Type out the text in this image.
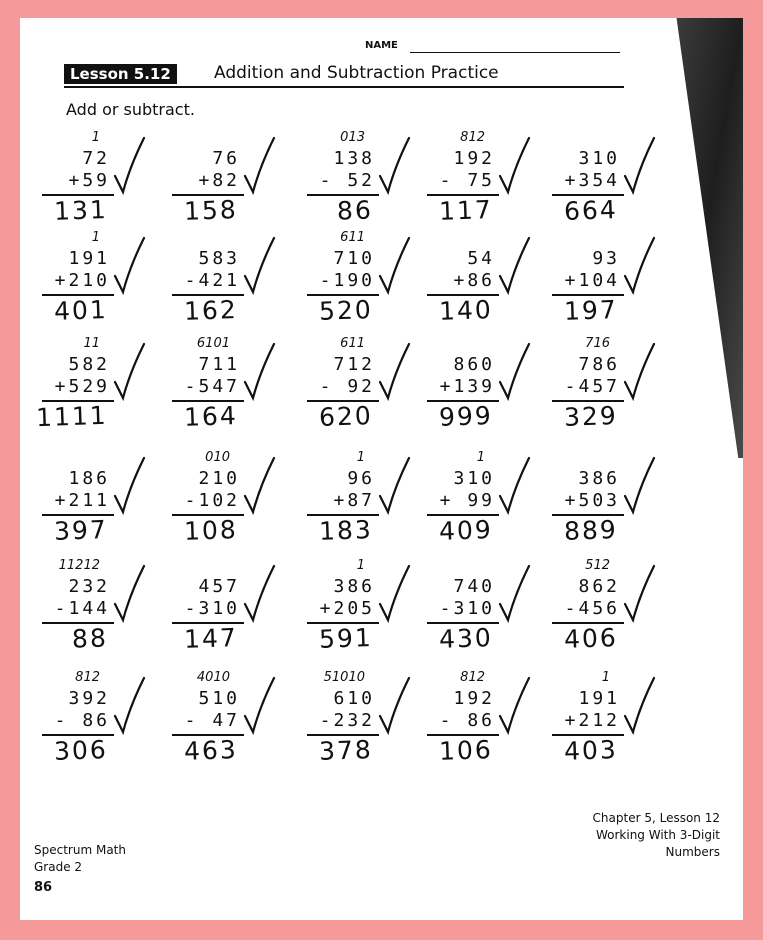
NAME
Lesson 5.12	Addition and Subtraction Practice
Add or subtract.
1
72
+59
131
76
+82
158
013
138
- 52
86
812
192
- 75
117
310
+354
664
1
191
+210
401
583
-421
162
611
710
-190
520
54
+86
140
93
+104
197
11
582
+529
1111
6101
711
-547
164
611
712
- 92
620
860
+139
999
716
786
-457
329
186
+211
397
010
210
-102
108
1
96
+87
183
1
310
+ 99
409
386
+503
889
11212
232
-144
88
457
-310
147
1
386
+205
591
740
-310
430
512
862
-456
406
812
392
- 86
306
4010
510
- 47
463
51010
610
-232
378
812
192
- 86
106
1
191
+212
403
Spectrum Math
Grade 2
86
Chapter 5, Lesson 12
Working With 3-Digit Numbers
